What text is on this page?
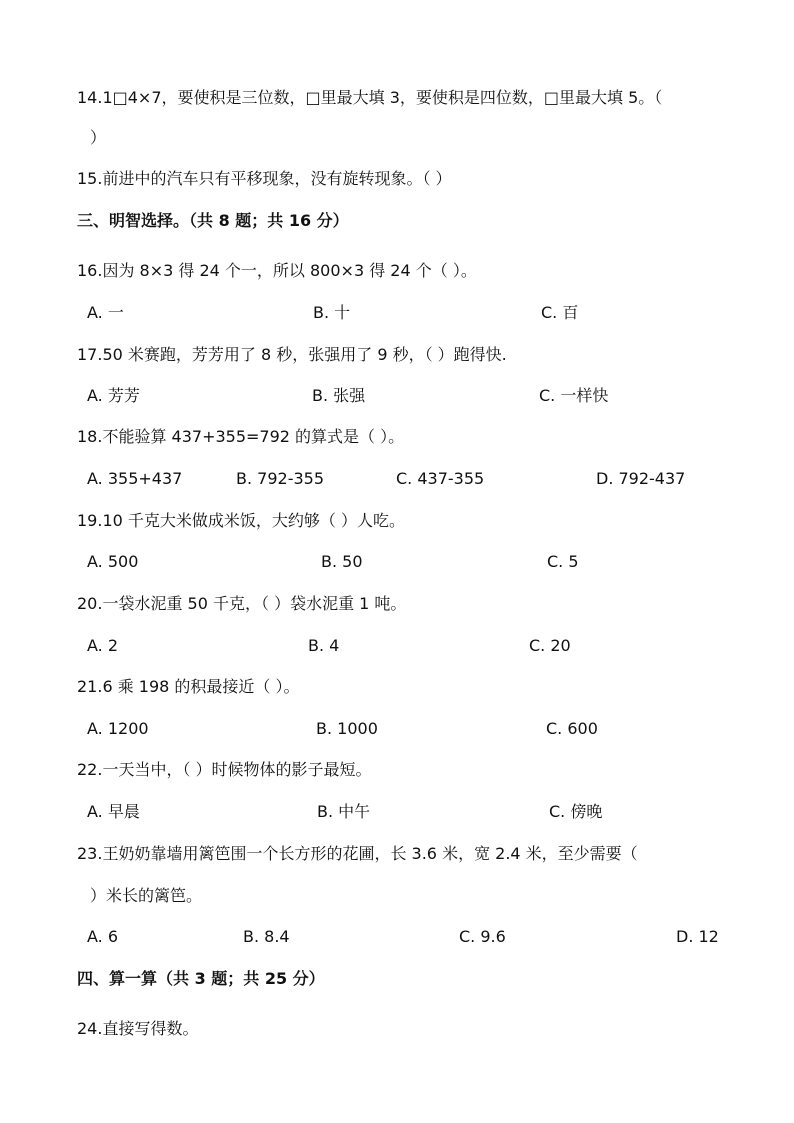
14.1□4×7，要使积是三位数，□里最大填 3，要使积是四位数，□里最大填 5。（
）
15.前进中的汽车只有平移现象，没有旋转现象。（ ）
三、明智选择。（共 8 题；共 16 分）
16.因为 8×3 得 24 个一，所以 800×3 得 24 个（ ）。
A. 一	B. 十	C. 百
17.50 米赛跑，芳芳用了 8 秒，张强用了 9 秒，（ ）跑得快.
A. 芳芳	B. 张强	C. 一样快
18.不能验算 437+355=792 的算式是（ ）。
A. 355+437	B. 792-355	C. 437-355	D. 792-437
19.10 千克大米做成米饭，大约够（ ）人吃。
A. 500	B. 50	C. 5
20.一袋水泥重 50 千克，（ ）袋水泥重 1 吨。
A. 2	B. 4	C. 20
21.6 乘 198 的积最接近（ ）。
A. 1200	B. 1000	C. 600
22.一天当中，（ ）时候物体的影子最短。
A. 早晨	B. 中午	C. 傍晚
23.王奶奶靠墙用篱笆围一个长方形的花圃，长 3.6 米，宽 2.4 米，至少需要（
）米长的篱笆。
A. 6	B. 8.4	C. 9.6	D. 12
四、算一算（共 3 题；共 25 分）
24.直接写得数。
